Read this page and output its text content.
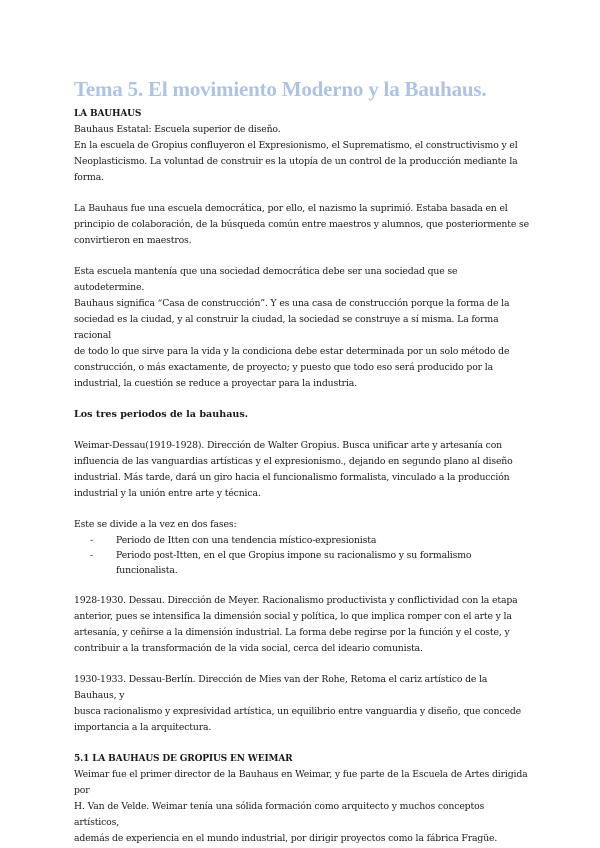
Tema 5. El movimiento Moderno y la Bauhaus.
LA BAUHAUS
Bauhaus Estatal: Escuela superior de diseño.
En la escuela de Gropius confluyeron el Expresionismo, el Suprematismo, el constructivismo y el
Neoplasticismo. La voluntad de construir es la utopía de un control de la producción mediante la
forma.
La Bauhaus fue una escuela democrática, por ello, el nazismo la suprimió. Estaba basada en el
principio de colaboración, de la búsqueda común entre maestros y alumnos, que posteriormente se
convirtieron en maestros.
Esta escuela mantenía que una sociedad democrática debe ser una sociedad que se autodetermine.
Bauhaus significa “Casa de construcción”. Y es una casa de construcción porque la forma de la
sociedad es la ciudad, y al construir la ciudad, la sociedad se construye a sí misma. La forma racional
de todo lo que sirve para la vida y la condiciona debe estar determinada por un solo método de
construcción, o más exactamente, de proyecto; y puesto que todo eso será producido por la
industrial, la cuestión se reduce a proyectar para la industria.
Los tres periodos de la bauhaus.
Weimar-Dessau(1919-1928). Dirección de Walter Gropius. Busca unificar arte y artesanía con
influencia de las vanguardias artísticas y el expresionismo., dejando en segundo plano al diseño
industrial. Más tarde, dará un giro hacia el funcionalismo formalista, vinculado a la producción
industrial y la unión entre arte y técnica.
Este se divide a la vez en dos fases:
- Periodo de Itten con una tendencia místico-expresionista
- Periodo post-Itten, en el que Gropius impone su racionalismo y su formalismo funcionalista.
1928-1930. Dessau. Dirección de Meyer. Racionalismo productivista y conflictividad con la etapa
anterior, pues se intensifica la dimensión social y política, lo que implica romper con el arte y la
artesanía, y ceñirse a la dimensión industrial. La forma debe regirse por la función y el coste, y
contribuir a la transformación de la vida social, cerca del ideario comunista.
1930-1933. Dessau-Berlín. Dirección de Mies van der Rohe, Retoma el cariz artístico de la Bauhaus, y
busca racionalismo y expresividad artística, un equilibrio entre vanguardia y diseño, que concede
importancia a la arquitectura.
5.1 LA BAUHAUS DE GROPIUS EN WEIMAR
Weimar fue el primer director de la Bauhaus en Weimar, y fue parte de la Escuela de Artes dirigida por
H. Van de Velde. Weimar tenía una sólida formación como arquitecto y muchos conceptos artísticos,
además de experiencia en el mundo industrial, por dirigir proyectos como la fábrica Fragüe.
